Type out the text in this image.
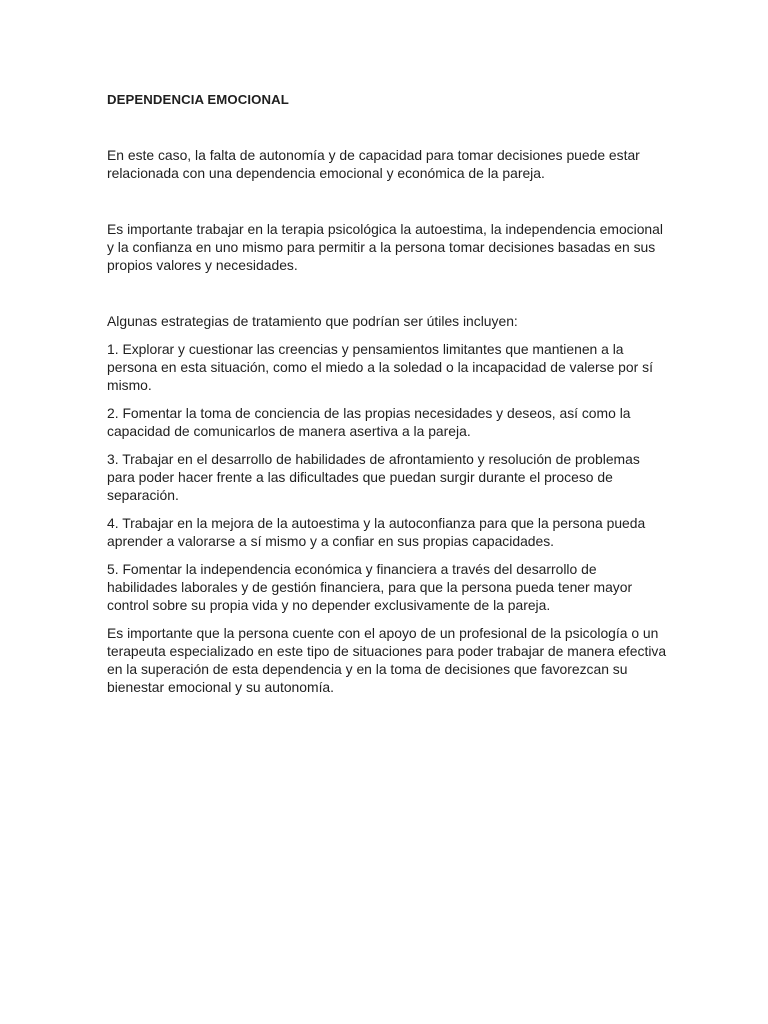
DEPENDENCIA EMOCIONAL

En este caso, la falta de autonomía y de capacidad para tomar decisiones puede estar relacionada con una dependencia emocional y económica de la pareja.

Es importante trabajar en la terapia psicológica la autoestima, la independencia emocional y la confianza en uno mismo para permitir a la persona tomar decisiones basadas en sus propios valores y necesidades.

Algunas estrategias de tratamiento que podrían ser útiles incluyen:

1. Explorar y cuestionar las creencias y pensamientos limitantes que mantienen a la persona en esta situación, como el miedo a la soledad o la incapacidad de valerse por sí mismo.

2. Fomentar la toma de conciencia de las propias necesidades y deseos, así como la capacidad de comunicarlos de manera asertiva a la pareja.

3. Trabajar en el desarrollo de habilidades de afrontamiento y resolución de problemas para poder hacer frente a las dificultades que puedan surgir durante el proceso de separación.

4. Trabajar en la mejora de la autoestima y la autoconfianza para que la persona pueda aprender a valorarse a sí mismo y a confiar en sus propias capacidades.

5. Fomentar la independencia económica y financiera a través del desarrollo de habilidades laborales y de gestión financiera, para que la persona pueda tener mayor control sobre su propia vida y no depender exclusivamente de la pareja.

Es importante que la persona cuente con el apoyo de un profesional de la psicología o un terapeuta especializado en este tipo de situaciones para poder trabajar de manera efectiva en la superación de esta dependencia y en la toma de decisiones que favorezcan su bienestar emocional y su autonomía.
